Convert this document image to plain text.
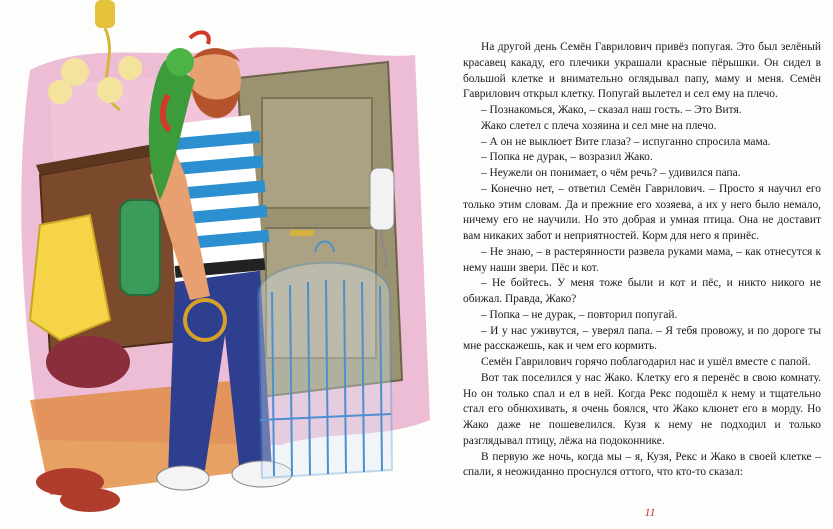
На другой день Семён Гаврилович привёз попугая. Это был зелёный красавец какаду, его плечики украшали красные пёрышки. Он сидел в большой клетке и внимательно оглядывал папу, маму и меня. Семён Гаврилович открыл клетку. Попугай вылетел и сел ему на плечо.

– Познакомься, Жако, – сказал наш гость. – Это Витя.

Жако слетел с плеча хозяина и сел мне на плечо.

– А он не выклюет Вите глаза? – испуганно спросила мама.

– Попка не дурак, – возразил Жако.

– Неужели он понимает, о чём речь? – удивился папа.

– Конечно нет, – ответил Семён Гаврилович. – Просто я научил его только этим словам. Да и прежние его хозяева, а их у него было немало, ничему его не научили. Но это добрая и умная птица. Она не доставит вам никаких забот и неприятностей. Корм для него я принёс.

– Не знаю, – в растерянности развела руками мама, – как отнесутся к нему наши звери. Пёс и кот.

– Не бойтесь. У меня тоже были и кот и пёс, и никто никого не обижал. Правда, Жако?

– Попка – не дурак, – повторил попугай.

– И у нас уживутся, – уверял папа. – Я тебя провожу, и по дороге ты мне расскажешь, как и чем его кормить.

Семён Гаврилович горячо поблагодарил нас и ушёл вместе с папой.

Вот так поселился у нас Жако. Клетку его я перенёс в свою комнату. Но он только спал и ел в ней. Когда Рекс подошёл к нему и тщательно стал его обнюхивать, я очень боялся, что Жако клюнет его в морду. Но Жако даже не пошевелился. Кузя к нему не подходил и только разглядывал птицу, лёжа на подоконнике.

В первую же ночь, когда мы – я, Кузя, Рекс и Жако в своей клетке – спали, я неожиданно проснулся оттого, что кто-то сказал:

11
